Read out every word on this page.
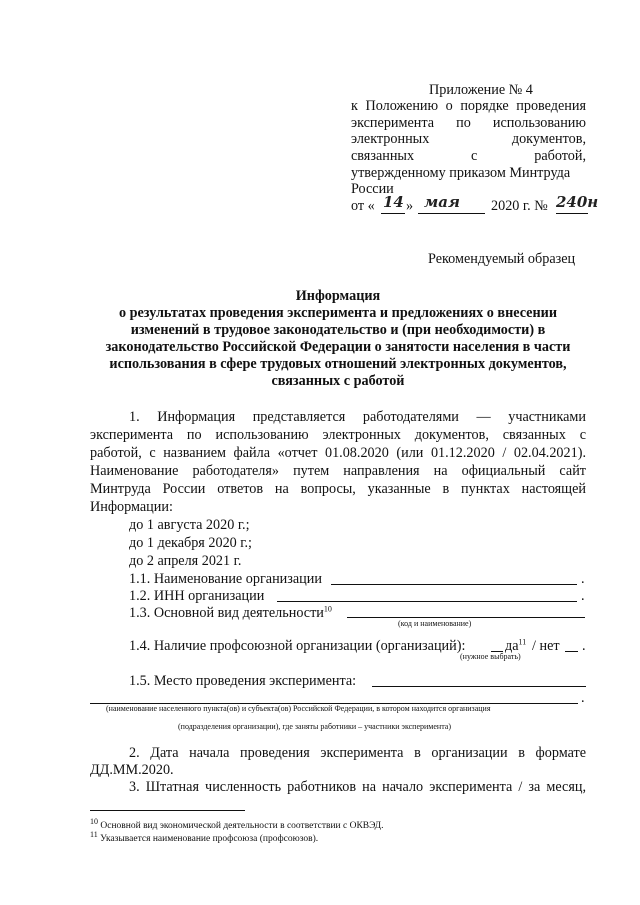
Приложение № 4
к Положению о порядке проведения
эксперимента по использованию
электронных документов,
связанных с работой,
утвержденному приказом Минтруда
России
от « 14 » мая 2020 г. № 240н
Рекомендуемый образец
Информация
о результатах проведения эксперимента и предложениях о внесении
изменений в трудовое законодательство и (при необходимости) в
законодательство Российской Федерации о занятости населения в части
использования в сфере трудовых отношений электронных документов,
связанных с работой
1. Информация представляется работодателями — участниками
эксперимента по использованию электронных документов, связанных с
работой, с названием файла «отчет 01.08.2020 (или 01.12.2020 / 02.04.2021).
Наименование работодателя» путем направления на официальный сайт
Минтруда России ответов на вопросы, указанные в пунктах настоящей
Информации:
до 1 августа 2020 г.;
до 1 декабря 2020 г.;
до 2 апреля 2021 г.
1.1. Наименование организации	.
1.2. ИНН организации	.
1.3. Основной вид деятельности$^{10}$
(код и наименование)
1.4. Наличие профсоюзной организации (организаций):	$да^{11}$ / нет .
(нужное выбрать)
1.5. Место проведения эксперимента:
.
(наименование населенного пункта(ов) и субъекта(ов) Российской Федерации, в котором находится организация
(подразделения организации), где заняты работники – участники эксперимента)
2. Дата начала проведения эксперимента в организации в формате
ДД.ММ.2020.
3. Штатная численность работников на начало эксперимента / за месяц,
$^{10}$ Основной вид экономической деятельности в соответствии с ОКВЭД.
$^{11}$ Указывается наименование профсоюза (профсоюзов).
